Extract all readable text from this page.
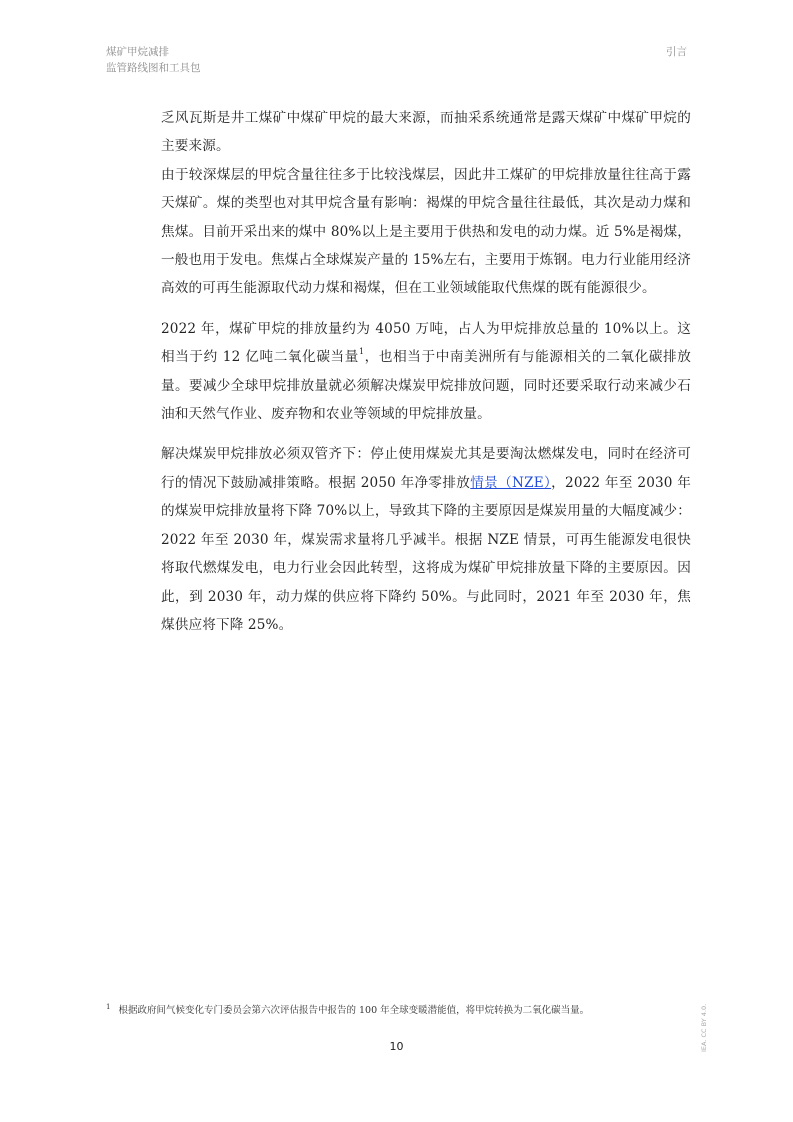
煤矿甲烷减排
监管路线图和工具包
引言

乏风瓦斯是井工煤矿中煤矿甲烷的最大来源，而抽采系统通常是露天煤矿中煤矿甲烷的主要来源。

由于较深煤层的甲烷含量往往多于比较浅煤层，因此井工煤矿的甲烷排放量往往高于露天煤矿。煤的类型也对其甲烷含量有影响：褐煤的甲烷含量往往最低，其次是动力煤和焦煤。目前开采出来的煤中 80%以上是主要用于供热和发电的动力煤。近 5%是褐煤，一般也用于发电。焦煤占全球煤炭产量的 15%左右，主要用于炼钢。电力行业能用经济高效的可再生能源取代动力煤和褐煤，但在工业领域能取代焦煤的既有能源很少。

2022 年，煤矿甲烷的排放量约为 4050 万吨，占人为甲烷排放总量的 10%以上。这相当于约 12 亿吨二氧化碳当量$^1$，也相当于中南美洲所有与能源相关的二氧化碳排放量。要减少全球甲烷排放量就必须解决煤炭甲烷排放问题，同时还要采取行动来减少石油和天然气作业、废弃物和农业等领域的甲烷排放量。

解决煤炭甲烷排放必须双管齐下：停止使用煤炭尤其是要淘汰燃煤发电，同时在经济可行的情况下鼓励减排策略。根据 2050 年净零排放情景（NZE），2022 年至 2030 年的煤炭甲烷排放量将下降 70%以上，导致其下降的主要原因是煤炭用量的大幅度减少：2022 年至 2030 年，煤炭需求量将几乎减半。根据 NZE 情景，可再生能源发电很快将取代燃煤发电，电力行业会因此转型，这将成为煤矿甲烷排放量下降的主要原因。因此，到 2030 年，动力煤的供应将下降约 50%。与此同时，2021 年至 2030 年，焦煤供应将下降 25%。

$^1$ 根据政府间气候变化专门委员会第六次评估报告中报告的 100 年全球变暖潜能值，将甲烷转换为二氧化碳当量。
10	IEA. CC BY 4.0.
